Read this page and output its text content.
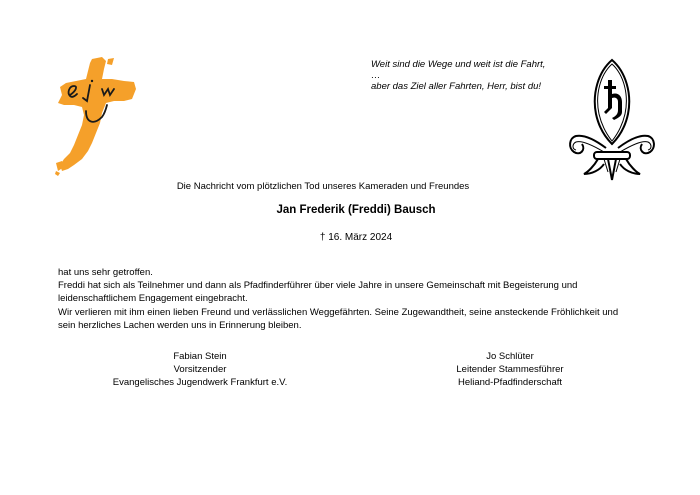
Weit sind die Wege und weit ist die Fahrt,
…
aber das Ziel aller Fahrten, Herr, bist du!
Die Nachricht vom plötzlichen Tod unseres Kameraden und Freundes
Jan Frederik (Freddi) Bausch
† 16. März 2024

hat uns sehr getroffen.

Freddi hat sich als Teilnehmer und dann als Pfadfinderführer über viele Jahre in unsere Gemeinschaft mit Begeisterung und

leidenschaftlichem Engagement eingebracht.

Wir verlieren mit ihm einen lieben Freund und verlässlichen Weggefährten. Seine Zugewandtheit, seine ansteckende Fröhlichkeit und

sein herzliches Lachen werden uns in Erinnerung bleiben.

Fabian Stein
Vorsitzender
Evangelisches Jugendwerk Frankfurt e.V.
Jo Schlüter
Leitender Stammesführer
Heliand-Pfadfinderschaft
